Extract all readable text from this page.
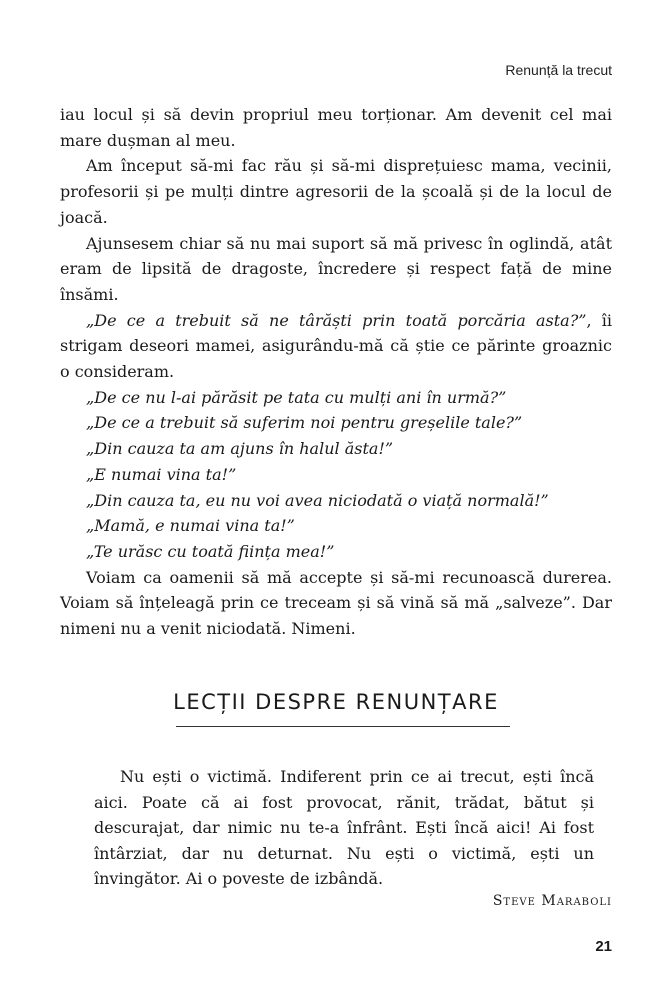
Renunță la trecut

iau locul și să devin propriul meu torționar. Am devenit cel mai mare dușman al meu.

Am început să-mi fac rău și să-mi disprețuiesc mama, vecinii, profesorii și pe mulți dintre agresorii de la școală și de la locul de joacă.

Ajunsesem chiar să nu mai suport să mă privesc în oglindă, atât eram de lipsită de dragoste, încredere și respect față de mine însămi.

„De ce a trebuit să ne târăști prin toată porcăria asta?”, îi strigam deseori mamei, asigurându-mă că știe ce părinte groaznic o consideram.

„De ce nu l-ai părăsit pe tata cu mulți ani în urmă?”

„De ce a trebuit să suferim noi pentru greșelile tale?”

„Din cauza ta am ajuns în halul ăsta!”

„E numai vina ta!”

„Din cauza ta, eu nu voi avea niciodată o viață normală!”

„Mamă, e numai vina ta!”

„Te urăsc cu toată ființa mea!”

Voiam ca oamenii să mă accepte și să-mi recunoască durerea. Voiam să înțeleagă prin ce treceam și să vină să mă „salveze”. Dar nimeni nu a venit niciodată. Nimeni.

LECȚII DESPRE RENUNȚARE

Nu ești o victimă. Indiferent prin ce ai trecut, ești încă aici. Poate că ai fost provocat, rănit, trădat, bătut și descurajat, dar nimic nu te-a înfrânt. Ești încă aici! Ai fost întârziat, dar nu deturnat. Nu ești o victimă, ești un învingător. Ai o poveste de izbândă.

Steve Maraboli
21
